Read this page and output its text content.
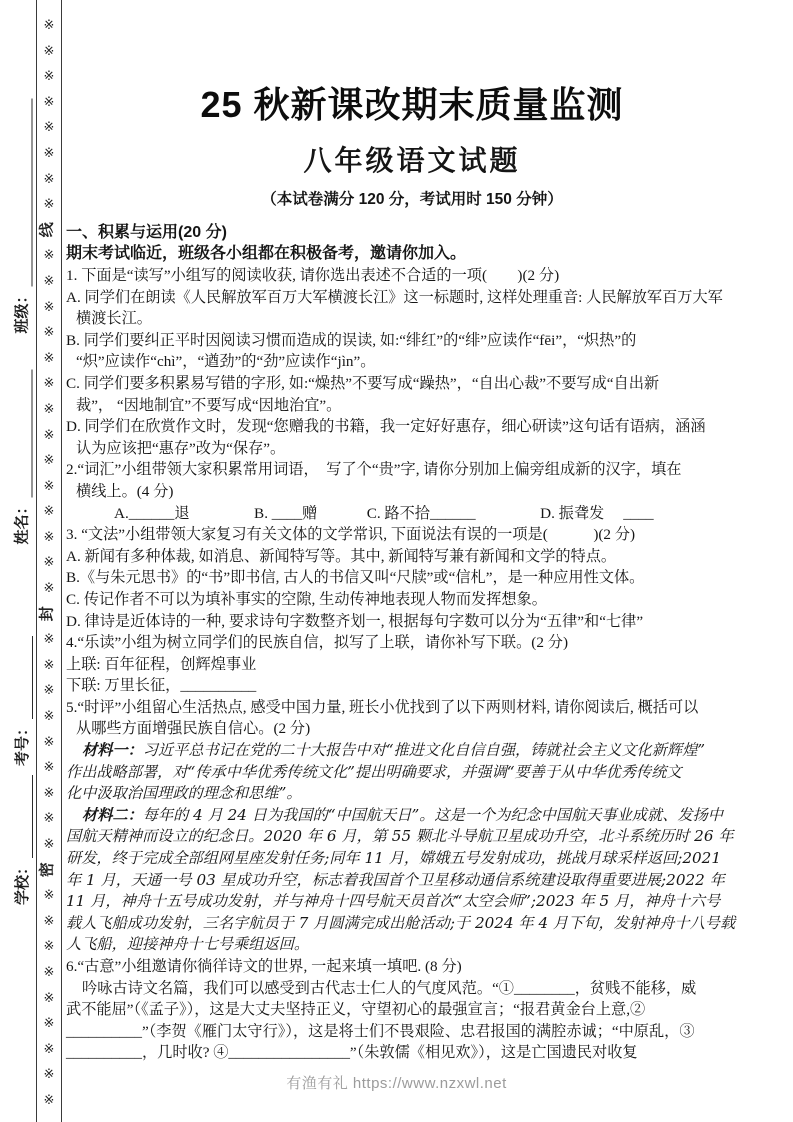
※
※
※
※
※
※
※
※
线
※
※
※
※
※
※
※
※
※
※
※
※
※
※
封
※
※
※
※
※
※
※
※
※
密
※
※
※
※
※
※
※
※
※
班级：
姓名：
考号：
学校：
25 秋新课改期末质量监测
八年级语文试题
（本试卷满分 120 分，考试用时 150 分钟）
一、积累与运用(20 分)
期末考试临近，班级各小组都在积极备考，邀请你加入。
1. 下面是“读写”小组写的阅读收获, 请你选出表述不合适的一项(　　)(2 分)
A. 同学们在朗读《人民解放军百万大军横渡长江》这一标题时, 这样处理重音: 人民解放军百万大军
横渡长江。
B. 同学们要纠正平时因阅读习惯而造成的误读, 如:“绯红”的“绯”应读作“fēi”，“炽热”的
“炽”应读作“chì”，“遒劲”的“劲”应读作“jìn”。
C. 同学们要多积累易写错的字形, 如:“燥热”不要写成“躁热”，“自出心裁”不要写成“自出新
裁”， “因地制宜”不要写成“因地治宜”。
D. 同学们在欣赏作文时，发现“您赠我的书籍，我一定好好惠存，细心研读”这句话有语病，涵涵
认为应该把“惠存”改为“保存”。
2.“词汇”小组带领大家积累常用词语，　写了个“贵”字, 请你分别加上偏旁组成新的汉字，填在
横线上。(4 分)
A.______退　　　　 B. ____赠　　　 C. 路不拾______　　　　 D. 振聋发　 ____
3. “文法”小组带领大家复习有关文体的文学常识, 下面说法有误的一项是(　　　)(2 分)
A. 新闻有多种体裁, 如消息、新闻特写等。其中, 新闻特写兼有新闻和文学的特点。
B.《与朱元思书》的“书”即书信, 古人的书信又叫“尺牍”或“信札”，是一种应用性文体。
C. 传记作者不可以为填补事实的空隙, 生动传神地表现人物而发挥想象。
D. 律诗是近体诗的一种, 要求诗句字数整齐划一, 根据每句字数可以分为“五律”和“七律”
4.“乐读”小组为树立同学们的民族自信，拟写了上联，请你补写下联。(2 分)
上联: 百年征程，创辉煌事业
下联: 万里长征，__________
5.“时评”小组留心生活热点, 感受中国力量, 班长小优找到了以下两则材料, 请你阅读后, 概括可以
从哪些方面增强民族自信心。(2 分)
材料一：习近平总书记在党的二十大报告中对“推进文化自信自强，铸就社会主义文化新辉煌”
作出战略部署，对“传承中华优秀传统文化”提出明确要求，并强调“要善于从中华优秀传统文
化中汲取治国理政的理念和思维”。
材料二：每年的 4 月 24 日为我国的“中国航天日”。这是一个为纪念中国航天事业成就、发扬中
国航天精神而设立的纪念日。2020 年 6 月，第 55 颗北斗导航卫星成功升空，北斗系统历时 26 年
研发，终于完成全部组网星座发射任务;同年 11 月，嫦娥五号发射成功，挑战月球采样返回;2021
年 1 月，天通一号 03 星成功升空，标志着我国首个卫星移动通信系统建设取得重要进展;2022 年
11 月，神舟十五号成功发射，并与神舟十四号航天员首次“太空会师”;2023 年 5 月，神舟十六号
载人飞船成功发射，三名宇航员于 7 月圆满完成出舱活动;于 2024 年 4 月下旬，发射神舟十八号载
人飞船，迎接神舟十七号乘组返回。
6.“古意”小组邀请你徜徉诗文的世界, 一起来填一填吧. (8 分)
吟咏古诗文名篇，我们可以感受到古代志士仁人的气度风范。“①________，贫贱不能移，威
武不能屈”（《孟子》），这是大丈夫坚持正义，守望初心的最强宣言；“报君黄金台上意,②
__________”（李贺《雁门太守行》），这是将士们不畏艰险、忠君报国的满腔赤诚；“中原乱，③
__________，几时收? ④________________”（朱敦儒《相见欢》），这是亡国遗民对收复
有渔有礼 https://www.nzxwl.net
